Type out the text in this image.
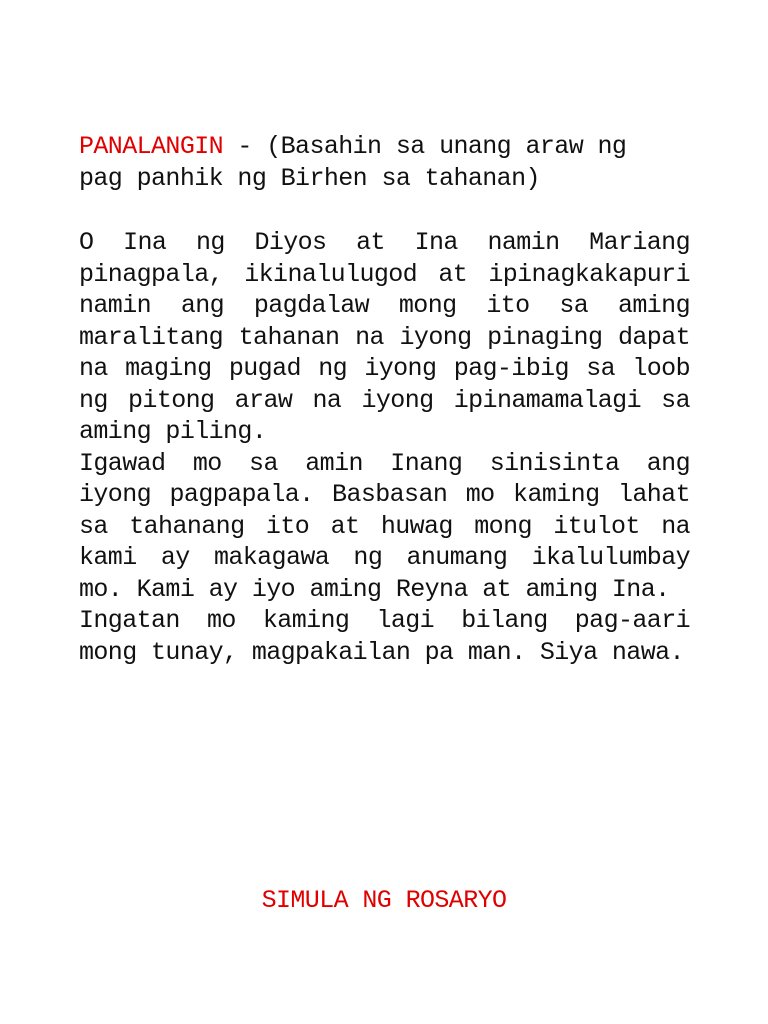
PANALANGIN - (Basahin sa unang araw ng
pag panhik ng Birhen sa tahanan)

O Ina ng Diyos at Ina namin Mariang pinagpala, ikinalulugod at ipinagkakapuri namin ang pagdalaw mong ito sa aming maralitang tahanan na iyong pinaging dapat na maging pugad ng iyong pag-ibig sa loob ng pitong araw na iyong ipinamamalagi sa aming piling.

Igawad mo sa amin Inang sinisinta ang iyong pagpapala. Basbasan mo kaming lahat sa tahanang ito at huwag mong itulot na kami ay makagawa ng anumang ikalulumbay mo. Kami ay iyo aming Reyna at aming Ina.

Ingatan mo kaming lagi bilang pag-aari mong tunay, magpakailan pa man. Siya nawa.

SIMULA NG ROSARYO
